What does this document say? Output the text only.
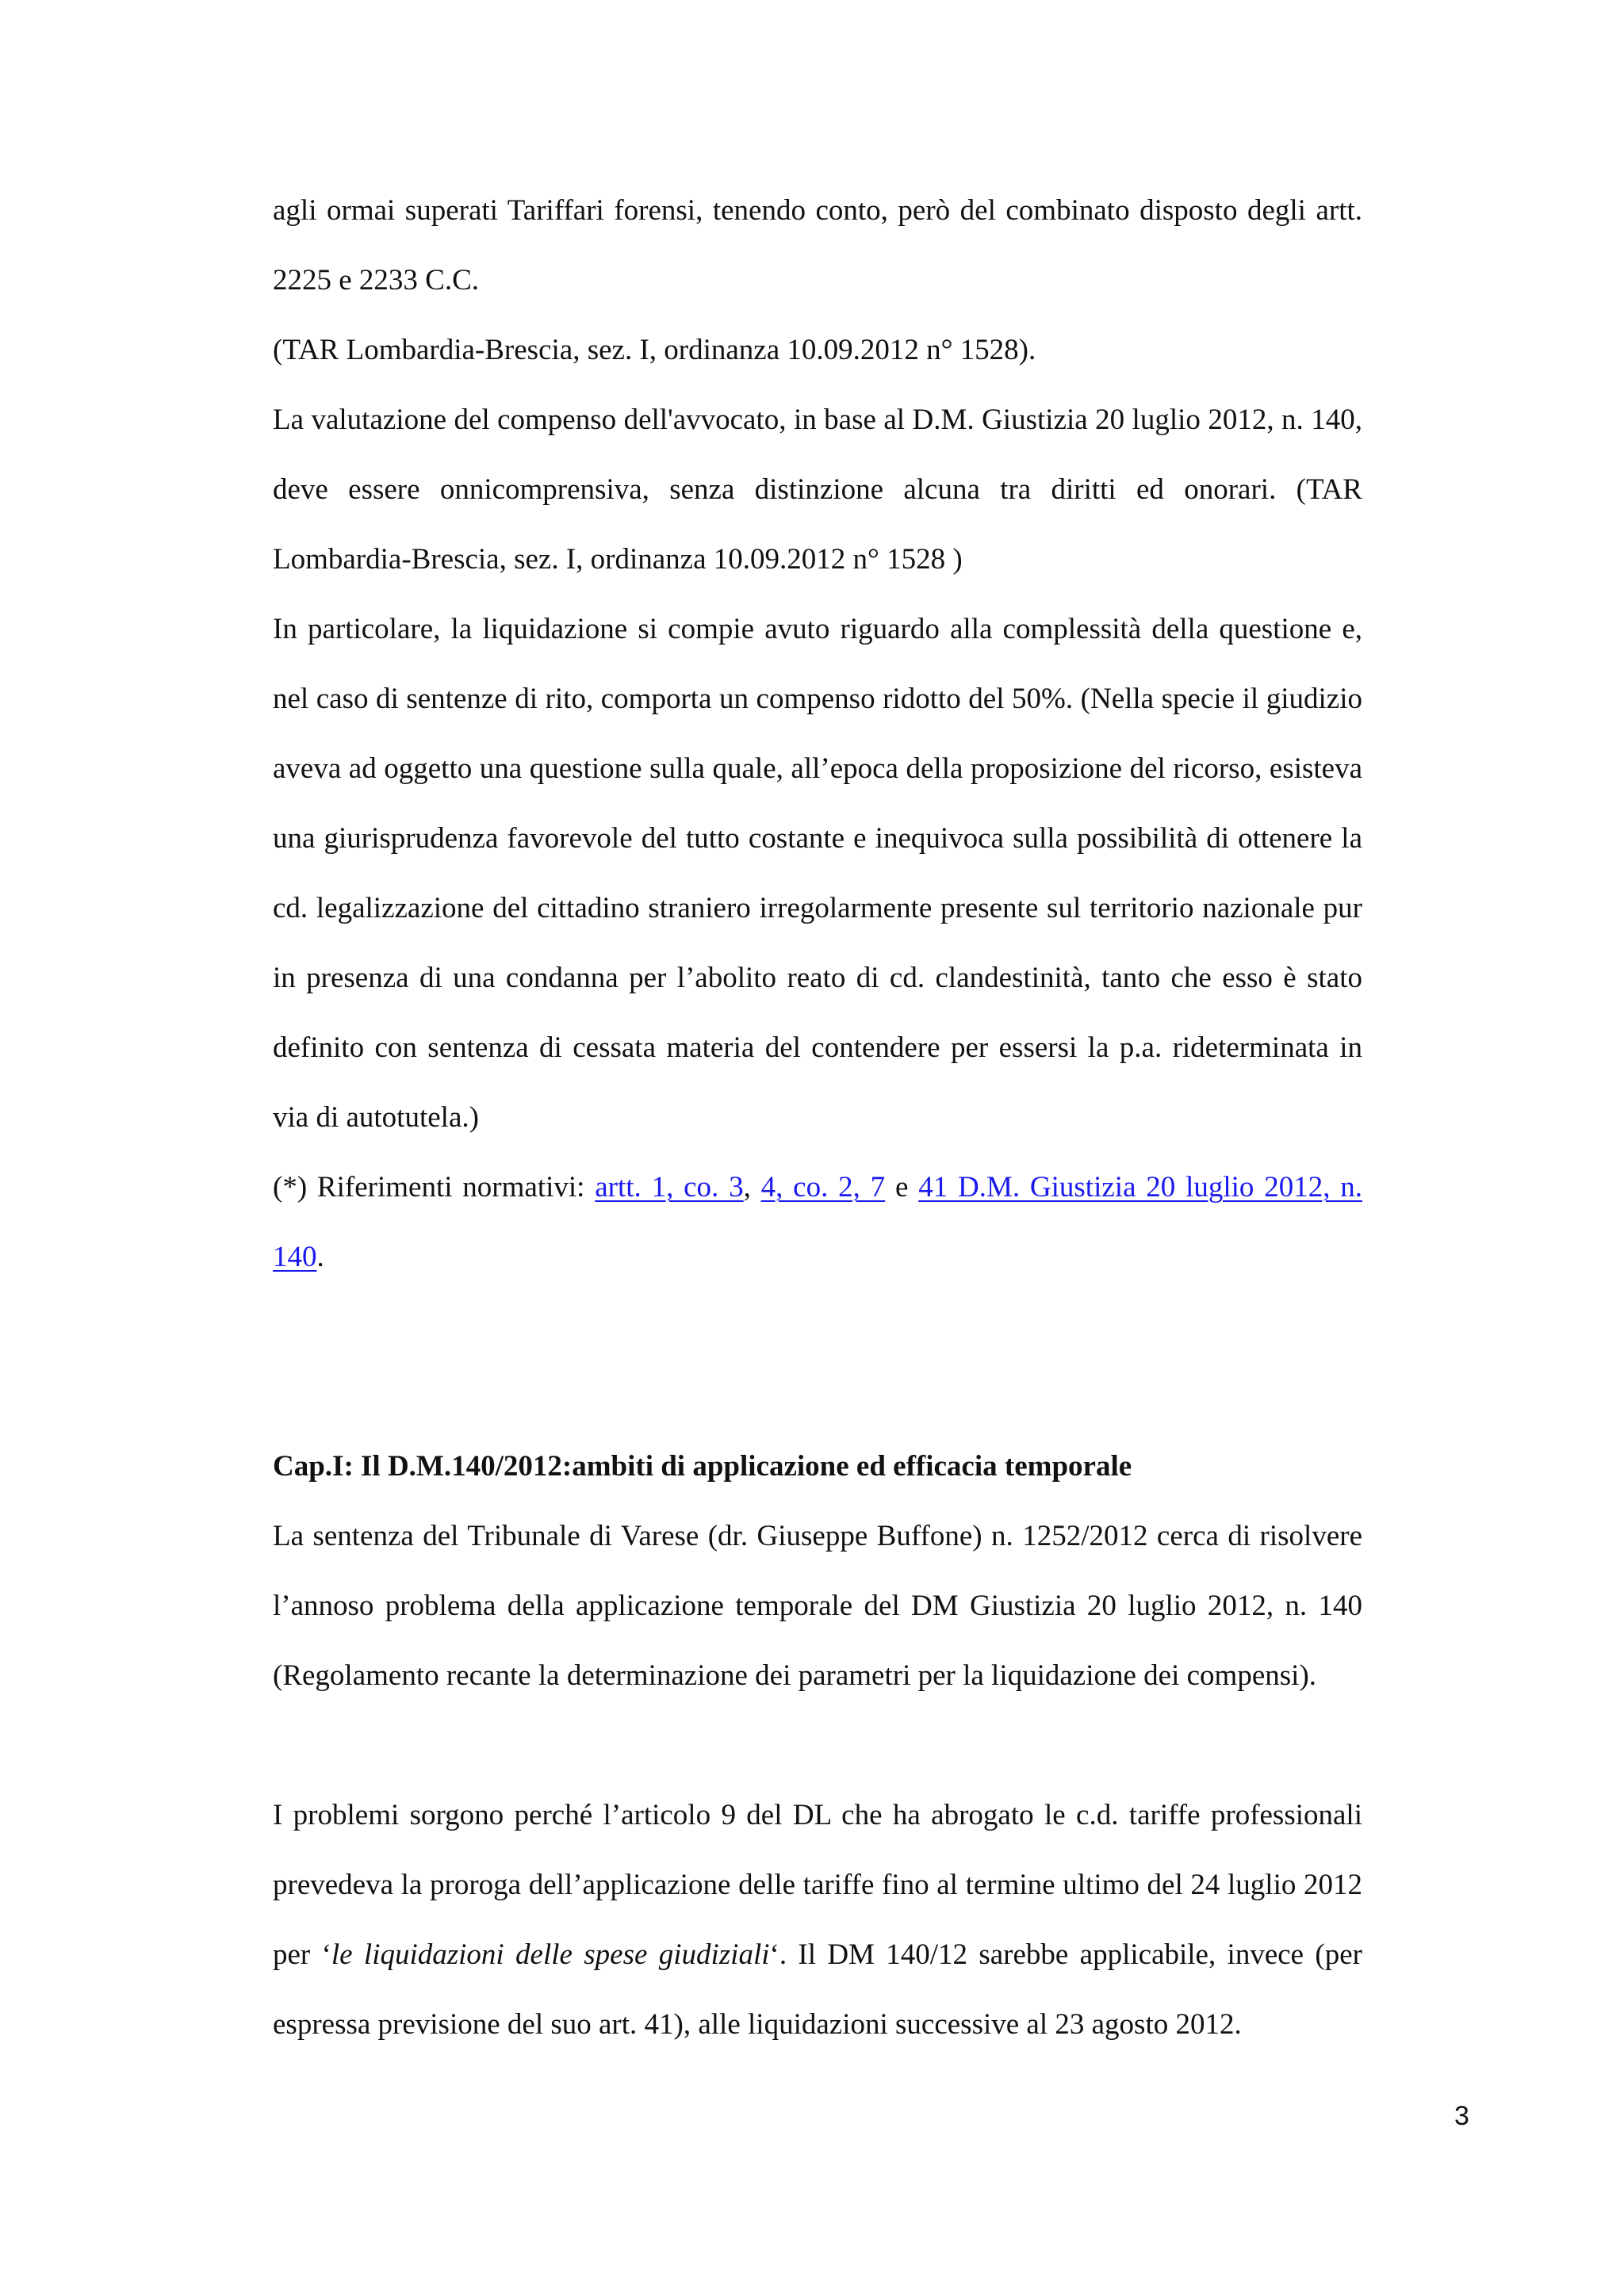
agli ormai superati Tariffari forensi, tenendo conto, però del combinato disposto degli artt. 2225 e 2233 C.C.

(TAR Lombardia-Brescia, sez. I, ordinanza 10.09.2012 n° 1528).

La valutazione del compenso dell'avvocato, in base al D.M. Giustizia 20 luglio 2012, n. 140, deve essere onnicomprensiva, senza distinzione alcuna tra diritti ed onorari. (TAR Lombardia-Brescia, sez. I, ordinanza 10.09.2012 n° 1528 )

In particolare, la liquidazione si compie avuto riguardo alla complessità della questione e, nel caso di sentenze di rito, comporta un compenso ridotto del 50%. (Nella specie il giudizio aveva ad oggetto una questione sulla quale, all’epoca della proposizione del ricorso, esisteva una giurisprudenza favorevole del tutto costante e inequivoca sulla possibilità di ottenere la cd. legalizzazione del cittadino straniero irregolarmente presente sul territorio nazionale pur in presenza di una condanna per l’abolito reato di cd. clandestinità, tanto che esso è stato definito con sentenza di cessata materia del contendere per essersi la p.a. rideterminata in via di autotutela.)

(*) Riferimenti normativi: artt. 1, co. 3, 4, co. 2, 7 e 41 D.M. Giustizia 20 luglio 2012, n. 140.

Cap.I: Il D.M.140/2012:ambiti di applicazione ed efficacia temporale

La sentenza del Tribunale di Varese (dr. Giuseppe Buffone) n. 1252/2012 cerca di risolvere l’annoso problema della applicazione temporale del DM Giustizia 20 luglio 2012, n. 140 (Regolamento recante la determinazione dei parametri per la liquidazione dei compensi).

I problemi sorgono perché l’articolo 9 del DL che ha abrogato le c.d. tariffe professionali prevedeva la proroga dell’applicazione delle tariffe fino al termine ultimo del 24 luglio 2012 per ‘le liquidazioni delle spese giudiziali‘. Il DM 140/12 sarebbe applicabile, invece (per espressa previsione del suo art. 41), alle liquidazioni successive al 23 agosto 2012.

3
